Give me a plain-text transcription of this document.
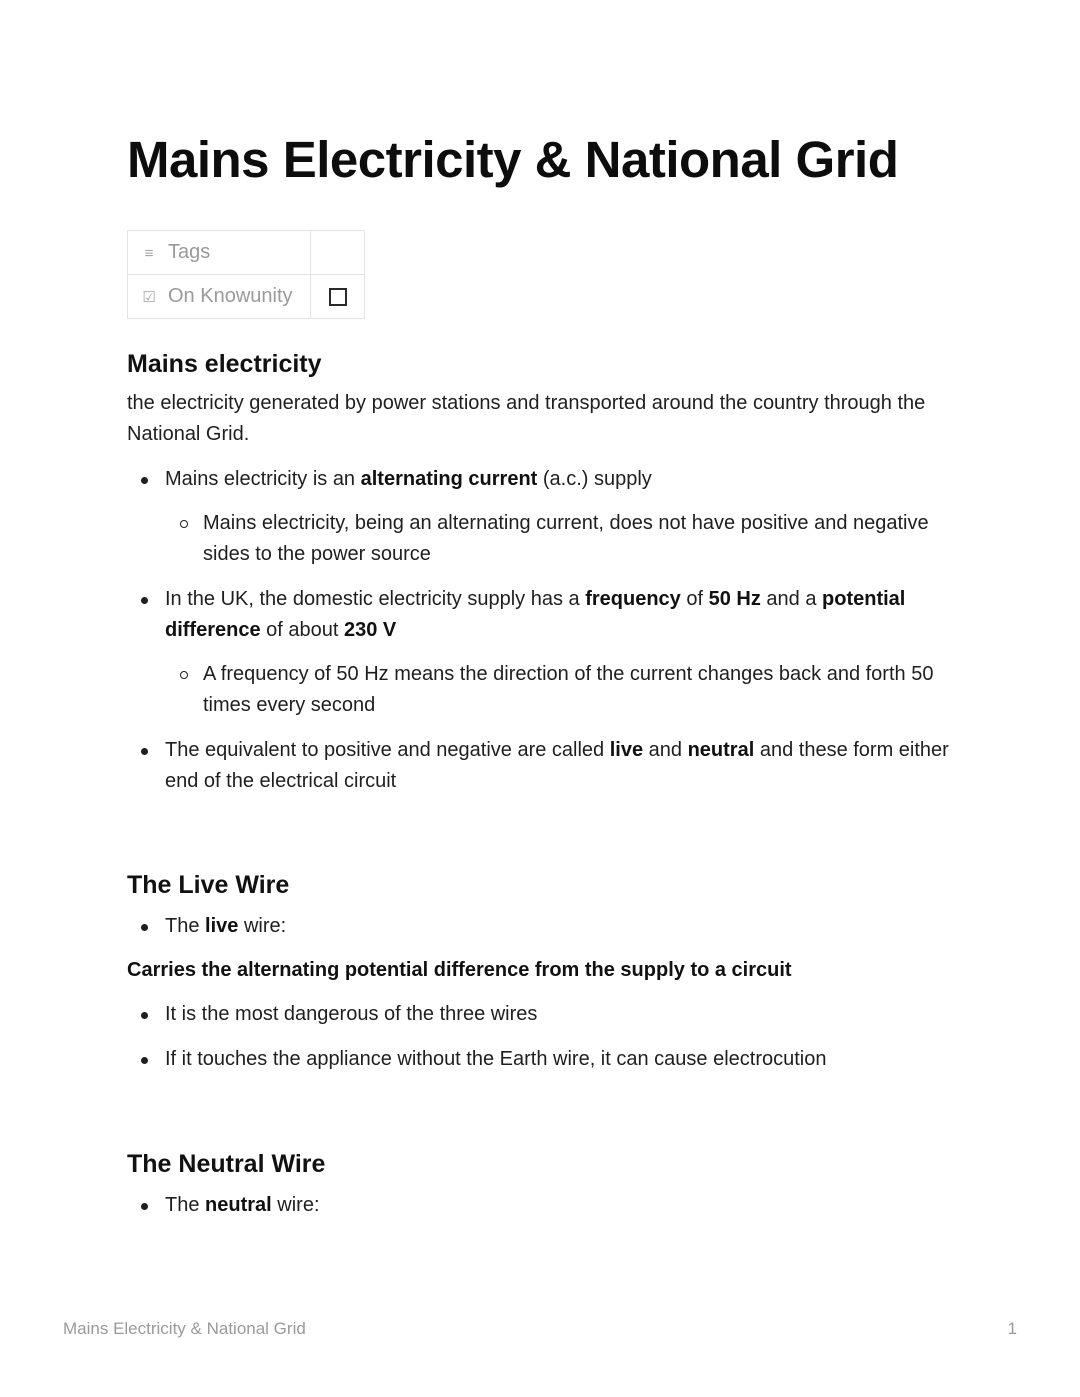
Mains Electricity & National Grid
≡ Tags	
☑ On Knowunity	
Mains electricity

the electricity generated by power stations and transported around the country through the National Grid.

Mains electricity is an alternating current (a.c.) supply
Mains electricity, being an alternating current, does not have positive and negative sides to the power source
In the UK, the domestic electricity supply has a frequency of 50 Hz and a potential difference of about 230 V
A frequency of 50 Hz means the direction of the current changes back and forth 50 times every second
The equivalent to positive and negative are called live and neutral and these form either end of the electrical circuit
The Live Wire
The live wire:

Carries the alternating potential difference from the supply to a circuit

It is the most dangerous of the three wires
If it touches the appliance without the Earth wire, it can cause electrocution
The Neutral Wire
The neutral wire:
Mains Electricity & National Grid	1
